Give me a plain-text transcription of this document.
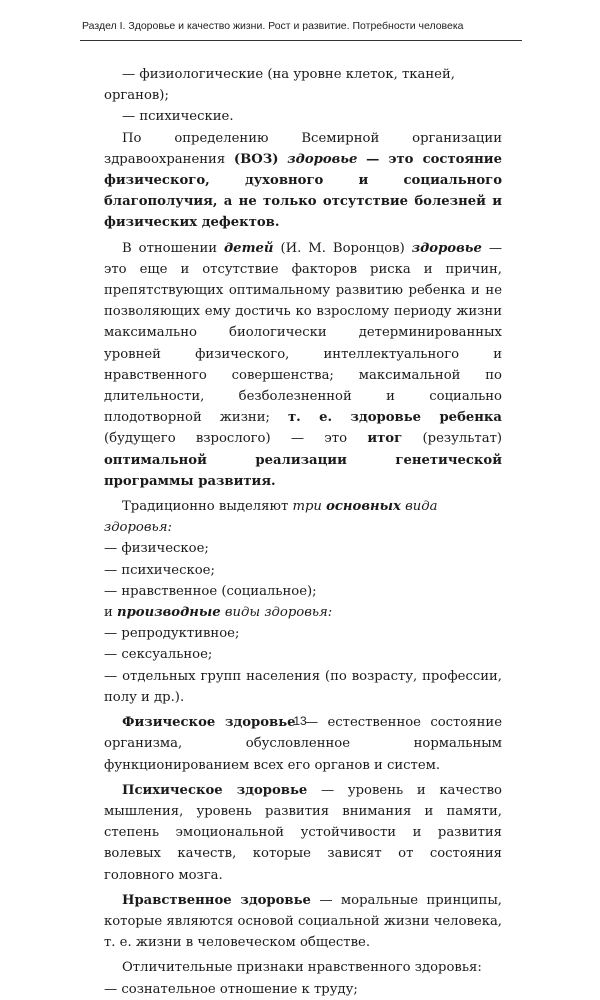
Раздел I. Здоровье и качество жизни. Рост и развитие. Потребности человека

— физиологические (на уровне клеток, тканей, органов);

— психические.

По определению Всемирной организации здравоохранения (ВОЗ) здоровье — это состояние физического, духовного и социального благополучия, а не только отсутствие болезней и физических дефектов.

В отношении детей (И. М. Воронцов) здоровье — это еще и отсутствие факторов риска и причин, препятствующих оптимальному развитию ребенка и не позволяющих ему достичь ко взрослому периоду жизни максимально биологически детерминированных уровней физического, интеллектуального и нравственного совершенства; максимальной по длительности, безболезненной и социально плодотворной жизни; т. е. здоровье ребенка (будущего взрослого) — это итог (результат) оптимальной реализации генетической программы развития.

Традиционно выделяют три основных вида здоровья:

— физическое;

— психическое;

— нравственное (социальное);

и производные виды здоровья:

— репродуктивное;

— сексуальное;

— отдельных групп населения (по возрасту, профессии, полу и др.).

Физическое здоровье — естественное состояние организма, обусловленное нормальным функционированием всех его органов и систем.

Психическое здоровье — уровень и качество мышления, уровень развития внимания и памяти, степень эмоциональной устойчивости и развития волевых качеств, которые зависят от состояния головного мозга.

Нравственное здоровье — моральные принципы, которые являются основой социальной жизни человека, т. е. жизни в человеческом обществе.

Отличительные признаки нравственного здоровья:

— сознательное отношение к труду;

13
